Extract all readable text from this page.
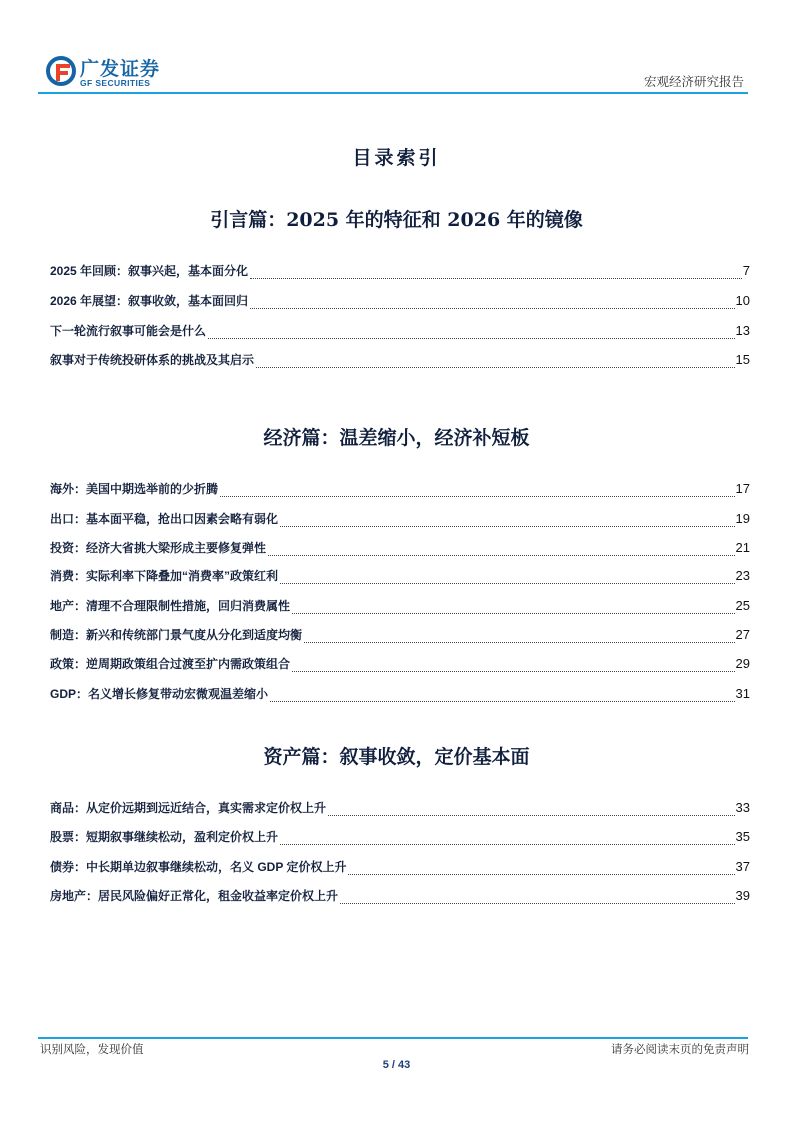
广发证券
GF SECURITIES	宏观经济研究报告
目录索引
引言篇：2025 年的特征和 2026 年的镜像
2025 年回顾：叙事兴起，基本面分化	7
2026 年展望：叙事收敛，基本面回归	10
下一轮流行叙事可能会是什么	13
叙事对于传统投研体系的挑战及其启示	15
经济篇：温差缩小，经济补短板
海外：美国中期选举前的少折腾	17
出口：基本面平稳，抢出口因素会略有弱化	19
投资：经济大省挑大梁形成主要修复弹性	21
消费：实际利率下降叠加“消费率”政策红利	23
地产：清理不合理限制性措施，回归消费属性	25
制造：新兴和传统部门景气度从分化到适度均衡	27
政策：逆周期政策组合过渡至扩内需政策组合	29
GDP：名义增长修复带动宏微观温差缩小	31
资产篇：叙事收敛，定价基本面
商品：从定价远期到远近结合，真实需求定价权上升	33
股票：短期叙事继续松动，盈利定价权上升	35
债券：中长期单边叙事继续松动，名义 GDP 定价权上升	37
房地产：居民风险偏好正常化，租金收益率定价权上升	39
识别风险，发现价值	请务必阅读末页的免责声明
5 / 43
